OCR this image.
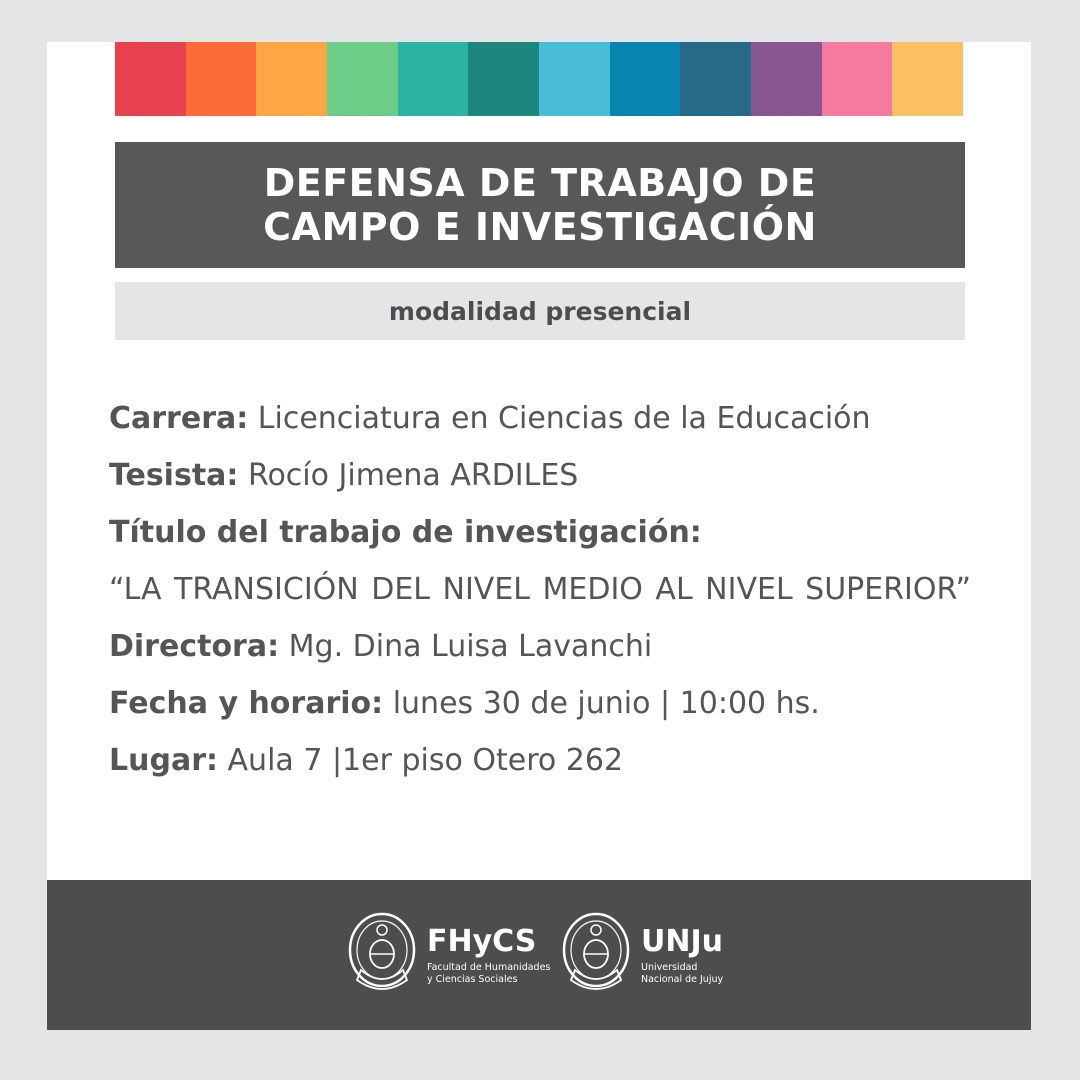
DEFENSA DE TRABAJO DE
CAMPO E INVESTIGACIÓN
modalidad presencial
Carrera: Licenciatura en Ciencias de la Educación
Tesista: Rocío Jimena ARDILES
Título del trabajo de investigación:
“LA TRANSICIÓN DEL NIVEL MEDIO AL NIVEL SUPERIOR”
Directora: Mg. Dina Luisa Lavanchi
Fecha y horario: lunes 30 de junio | 10:00 hs.
Lugar: Aula 7 |1er piso Otero 262
FHyCS
Facultad de Humanidades
y Ciencias Sociales
UNJu
Universidad
Nacional de Jujuy
